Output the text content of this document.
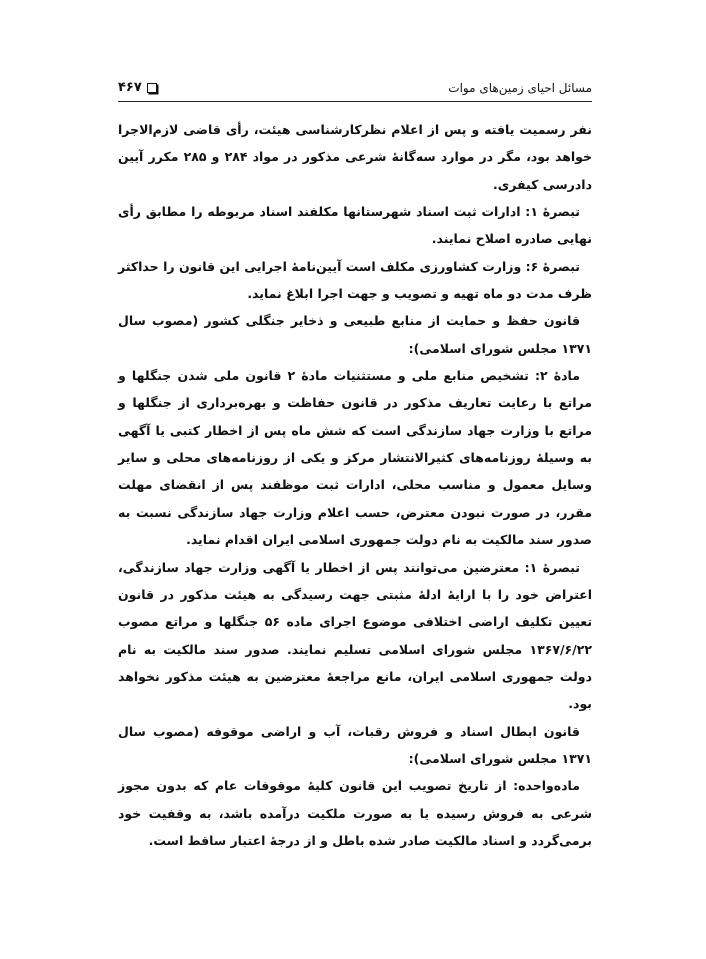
مسائل احیای زمین‌های موات
۴۶۷

نفر رسمیت یافته و پس از اعلام نظرکارشناسی هیئت، رأی قاضی لازم‌الاجرا خواهد بود، مگر در موارد سه‌گانهٔ شرعی مذکور در مواد ۲۸۴ و ۲۸۵ مکرر آیین دادرسی کیفری.

تبصرهٔ ۱: ادارات ثبت اسناد شهرستانها مکلفند اسناد مربوطه را مطابق رأی نهایی صادره اصلاح نمایند.

تبصرهٔ ۶: وزارت کشاورزی مکلف است آیین‌نامهٔ اجرایی این قانون را حداکثر ظرف مدت دو ماه تهیه و تصویب و جهت اجرا ابلاغ نماید.

قانون حفظ و حمایت از منابع طبیعی و ذخایر جنگلی کشور (مصوب سال ۱۳۷۱ مجلس شورای اسلامی):

مادهٔ ۲: تشخیص منابع ملی و مستثنیات مادهٔ ۲ قانون ملی شدن جنگلها و مراتع با رعایت تعاریف مذکور در قانون حفاظت و بهره‌برداری از جنگلها و مراتع با وزارت جهاد سازندگی است که شش ماه پس از اخطار کتبی یا آگهی به وسیلهٔ روزنامه‌های کثیرالانتشار مرکز و یکی از روزنامه‌های محلی و سایر وسایل معمول و مناسب محلی، ادارات ثبت موظفند پس از انقضای مهلت مقرر، در صورت نبودن معترض، حسب اعلام وزارت جهاد سازندگی نسبت به صدور سند مالکیت به نام دولت جمهوری اسلامی ایران اقدام نماید.

تبصرهٔ ۱: معترضین می‌توانند پس از اخطار یا آگهی وزارت جهاد سازندگی، اعتراض خود را با ارایهٔ ادلهٔ مثبتی جهت رسیدگی به هیئت مذکور در قانون تعیین تکلیف اراضی اختلافی موضوع اجرای ماده ۵۶ جنگلها و مراتع مصوب ۱۳۶۷/۶/۲۲ مجلس شورای اسلامی تسلیم نمایند. صدور سند مالکیت به نام دولت جمهوری اسلامی ایران، مانع مراجعهٔ معترضین به هیئت مذکور نخواهد بود.

قانون ابطال اسناد و فروش رقبات، آب و اراضی موقوفه (مصوب سال ۱۳۷۱ مجلس شورای اسلامی):

ماده‌واحده: از تاریخ تصویب این قانون کلیهٔ موقوفات عام که بدون مجوز شرعی به فروش رسیده یا به صورت ملکیت درآمده باشد، به وقفیت خود برمی‌گردد و اسناد مالکیت صادر شده باطل و از درجهٔ اعتبار ساقط است.
